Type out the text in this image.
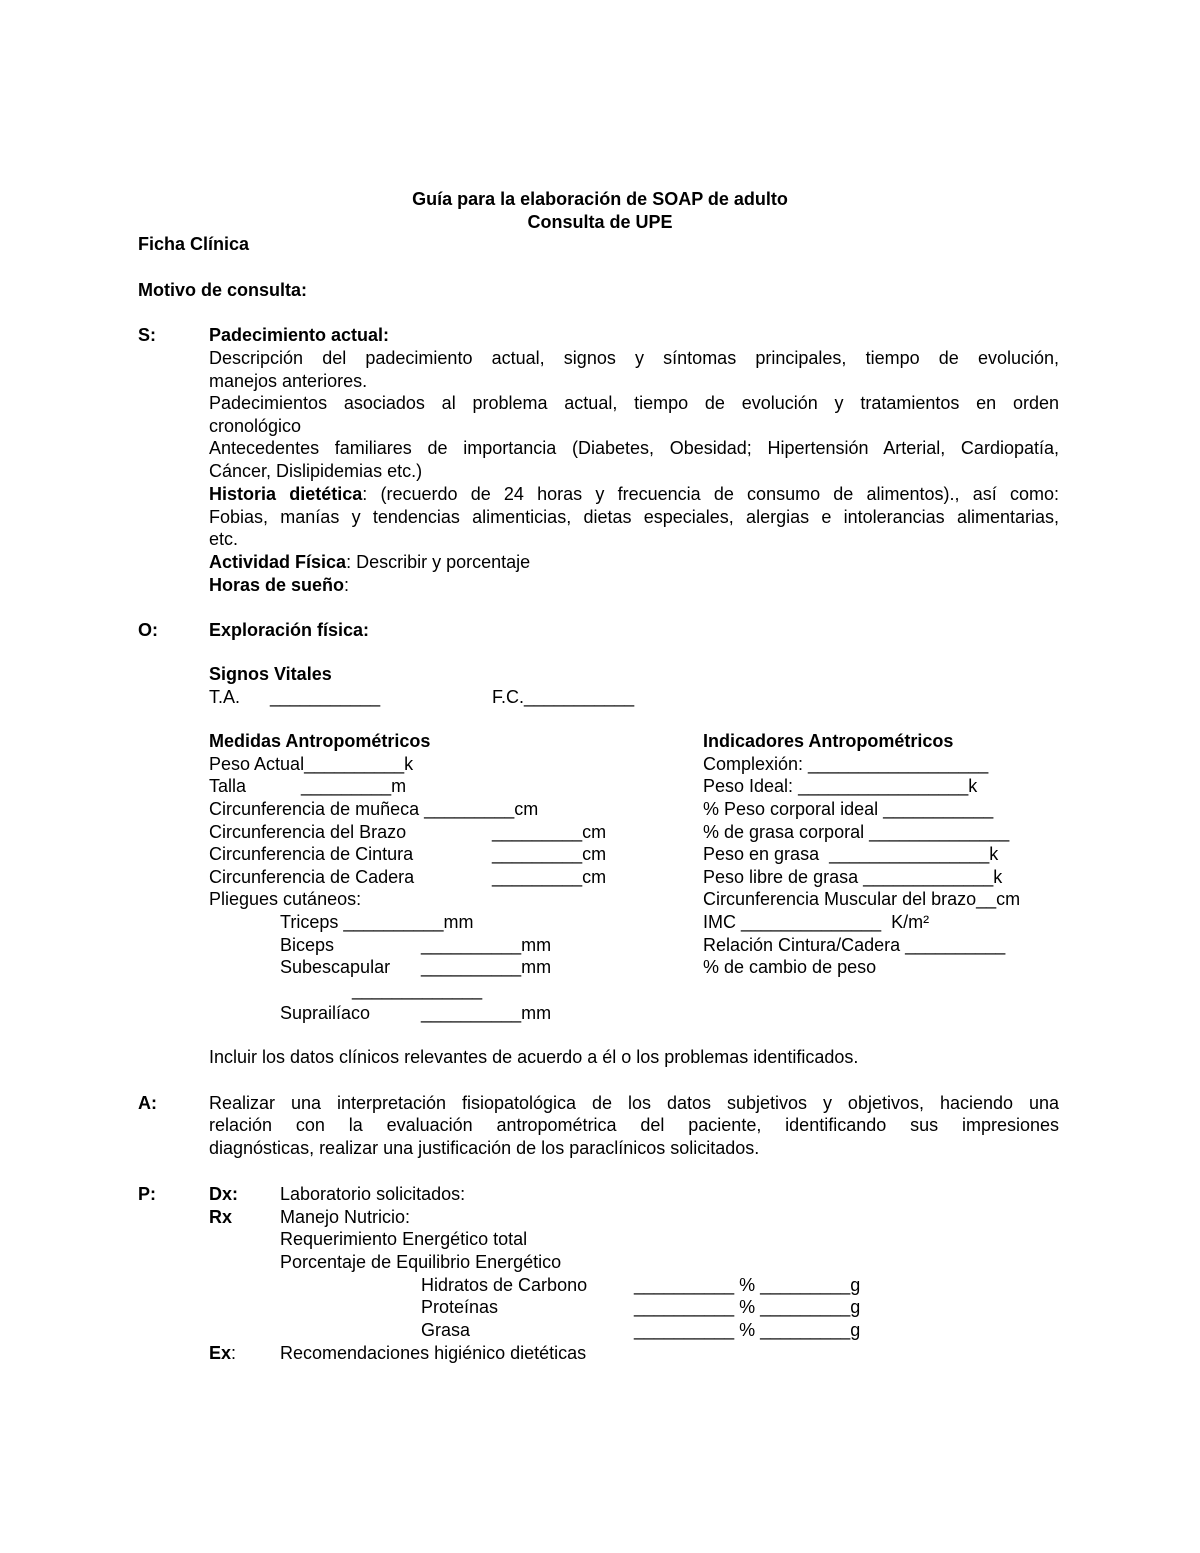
Guía para la elaboración de SOAP de adulto
Consulta de UPE
Ficha Clínica
Motivo de consulta:
S:	Padecimiento actual:
Descripción del padecimiento actual, signos y síntomas principales, tiempo de evolución,
manejos anteriores.
Padecimientos asociados al problema actual, tiempo de evolución y tratamientos en orden
cronológico
Antecedentes familiares de importancia (Diabetes, Obesidad; Hipertensión Arterial, Cardiopatía,
Cáncer, Dislipidemias etc.)
Historia dietética: (recuerdo de 24 horas y frecuencia de consumo de alimentos)., así como:
Fobias, manías y tendencias alimenticias, dietas especiales, alergias e intolerancias alimentarias,
etc.
Actividad Física: Describir y porcentaje
Horas de sueño:
O:	Exploración física:
Signos Vitales
T.A.      ___________	F.C.___________
Medidas Antropométricos
Peso Actual__________k
Talla           _________m
Circunferencia de muñeca _________cm
Circunferencia del Brazo	_________cm
Circunferencia de Cintura	_________cm
Circunferencia de Cadera	_________cm
Pliegues cutáneos:
Triceps __________mm
Biceps	__________mm
Subescapular __________mm
_____________
Suprailíaco	__________mm
Indicadores Antropométricos
Complexión: __________________
Peso Ideal: _________________k
% Peso corporal ideal ___________
% de grasa corporal ______________
Peso en grasa  ________________k
Peso libre de grasa _____________k
Circunferencia Muscular del brazo__cm
IMC ______________  K/m²
Relación Cintura/Cadera __________
% de cambio de peso
Incluir los datos clínicos relevantes de acuerdo a él o los problemas identificados.
A:	Realizar una interpretación fisiopatológica de los datos subjetivos y objetivos, haciendo una
relación con la evaluación antropométrica del paciente, identificando sus impresiones
diagnósticas, realizar una justificación de los paraclínicos solicitados.
P:	Dx: Laboratorio solicitados:
Rx	Manejo Nutricio:
Requerimiento Energético total
Porcentaje de Equilibrio Energético
Hidratos de Carbono	__________ % _________g
Proteínas	__________ % _________g
Grasa	__________ % _________g
Ex: Recomendaciones higiénico dietéticas
